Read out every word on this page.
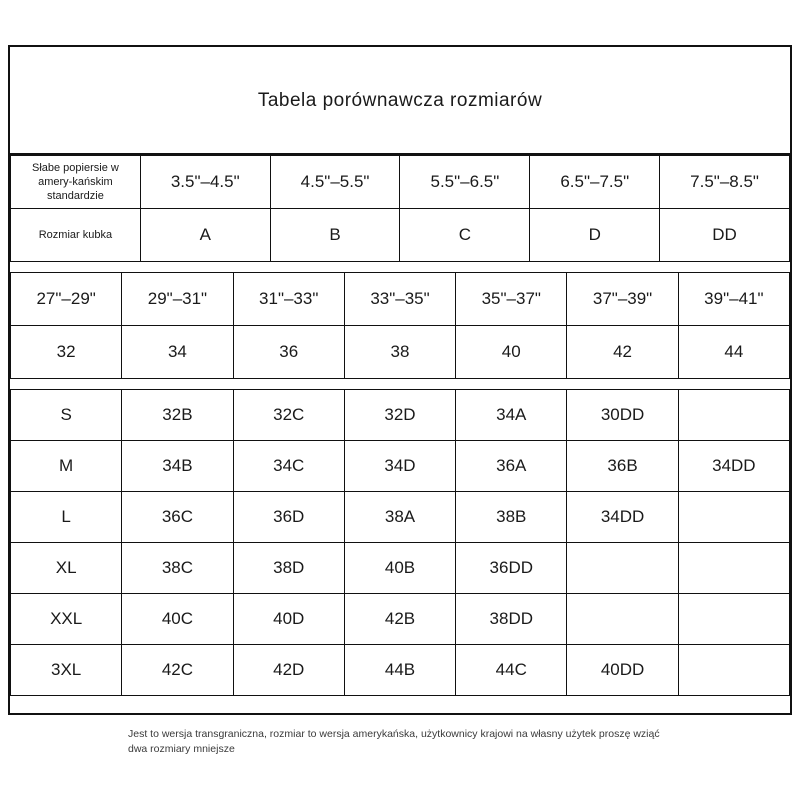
Tabela porównawcza rozmiarów
Słabe popiersie w amery-kańskim standardzie	3.5"–4.5"	4.5"–5.5"	5.5"–6.5"	6.5"–7.5"	7.5"–8.5"
Rozmiar kubka	A	B	C	D	DD
27"–29"	29"–31"	31"–33"	33"–35"	35"–37"	37"–39"	39"–41"
32	34	36	38	40	42	44
S	32B	32C	32D	34A	30DD	
M	34B	34C	34D	36A	36B	34DD
L	36C	36D	38A	38B	34DD	
XL	38C	38D	40B	36DD		
XXL	40C	40D	42B	38DD		
3XL	42C	42D	44B	44C	40DD	
Jest to wersja transgraniczna, rozmiar to wersja amerykańska, użytkownicy krajowi na własny użytek proszę wziąć dwa rozmiary mniejsze
